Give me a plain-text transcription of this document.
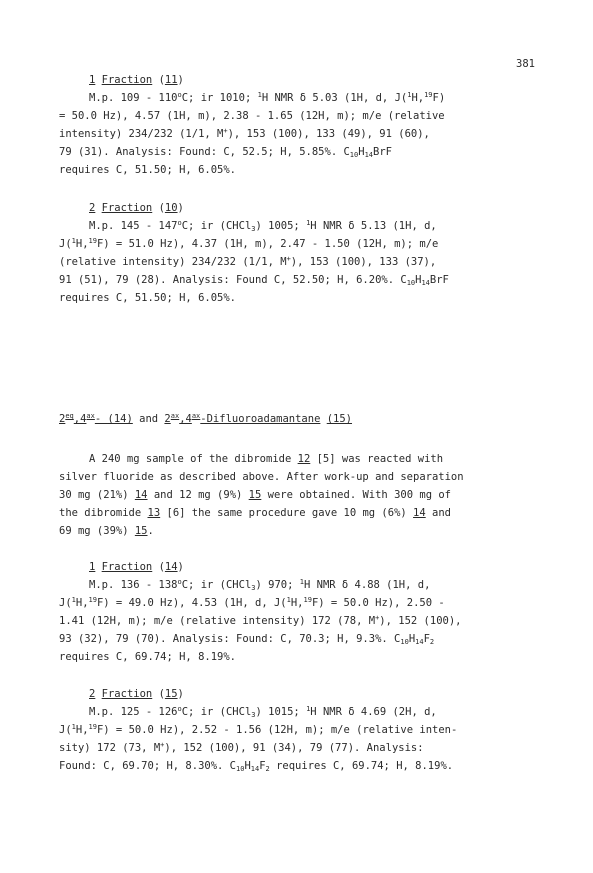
381

1 Fraction (11)

M.p. 109 - 110$^o$C; ir 1010; $^1$H NMR δ 5.03 (1H, d, J($^1$H,$^{19}$F)

= 50.0 Hz), 4.57 (1H, m), 2.38 - 1.65 (12H, m); m/e (relative

intensity) 234/232 (1/1, M+), 153 (100), 133 (49), 91 (60),

79 (31). Analysis: Found: C, 52.5; H, 5.85%. $C_{10}H_{14}BrF$

requires C, 51.50; H, 6.05%.

2 Fraction (10)

M.p. 145 - 147$^o$C; ir (CHCl$_3$) 1005; $^1$H NMR δ 5.13 (1H, d,

J($^1$H,$^{19}$F) = 51.0 Hz), 4.37 (1H, m), 2.47 - 1.50 (12H, m); m/e

(relative intensity) 234/232 (1/1, M+), 153 (100), 133 (37),

91 (51), 79 (28). Analysis: Found C, 52.50; H, 6.20%. $C_{10}H_{14}BrF$

requires C, 51.50; H, 6.05%.

$2^{eq},4^{ax}-$ (14) and $2^{ax},4^{ax}$-Difluoroadamantane (15)

A 240 mg sample of the dibromide 12 [5] was reacted with

silver fluoride as described above. After work-up and separation

30 mg (21%) 14 and 12 mg (9%) 15 were obtained. With 300 mg of

the dibromide 13 [6] the same procedure gave 10 mg (6%) 14 and

69 mg (39%) 15.

1 Fraction (14)

M.p. 136 - 138$^o$C; ir (CHCl$_3$) 970; $^1$H NMR δ 4.88 (1H, d,

J($^1$H,$^{19}$F) = 49.0 Hz), 4.53 (1H, d, J($^1$H,$^{19}$F) = 50.0 Hz), 2.50 -

1.41 (12H, m); m/e (relative intensity) 172 (78, M+), 152 (100),

93 (32), 79 (70). Analysis: Found: C, 70.3; H, 9.3%. $C_{10}H_{14}F_2$

requires C, 69.74; H, 8.19%.

2 Fraction (15)

M.p. 125 - 126$^o$C; ir (CHCl$_3$) 1015; $^1$H NMR δ 4.69 (2H, d,

J($^1$H,$^{19}$F) = 50.0 Hz), 2.52 - 1.56 (12H, m); m/e (relative inten-

sity) 172 (73, M+), 152 (100), 91 (34), 79 (77). Analysis:

Found: C, 69.70; H, 8.30%. $C_{10}H_{14}F_2$ requires C, 69.74; H, 8.19%.
